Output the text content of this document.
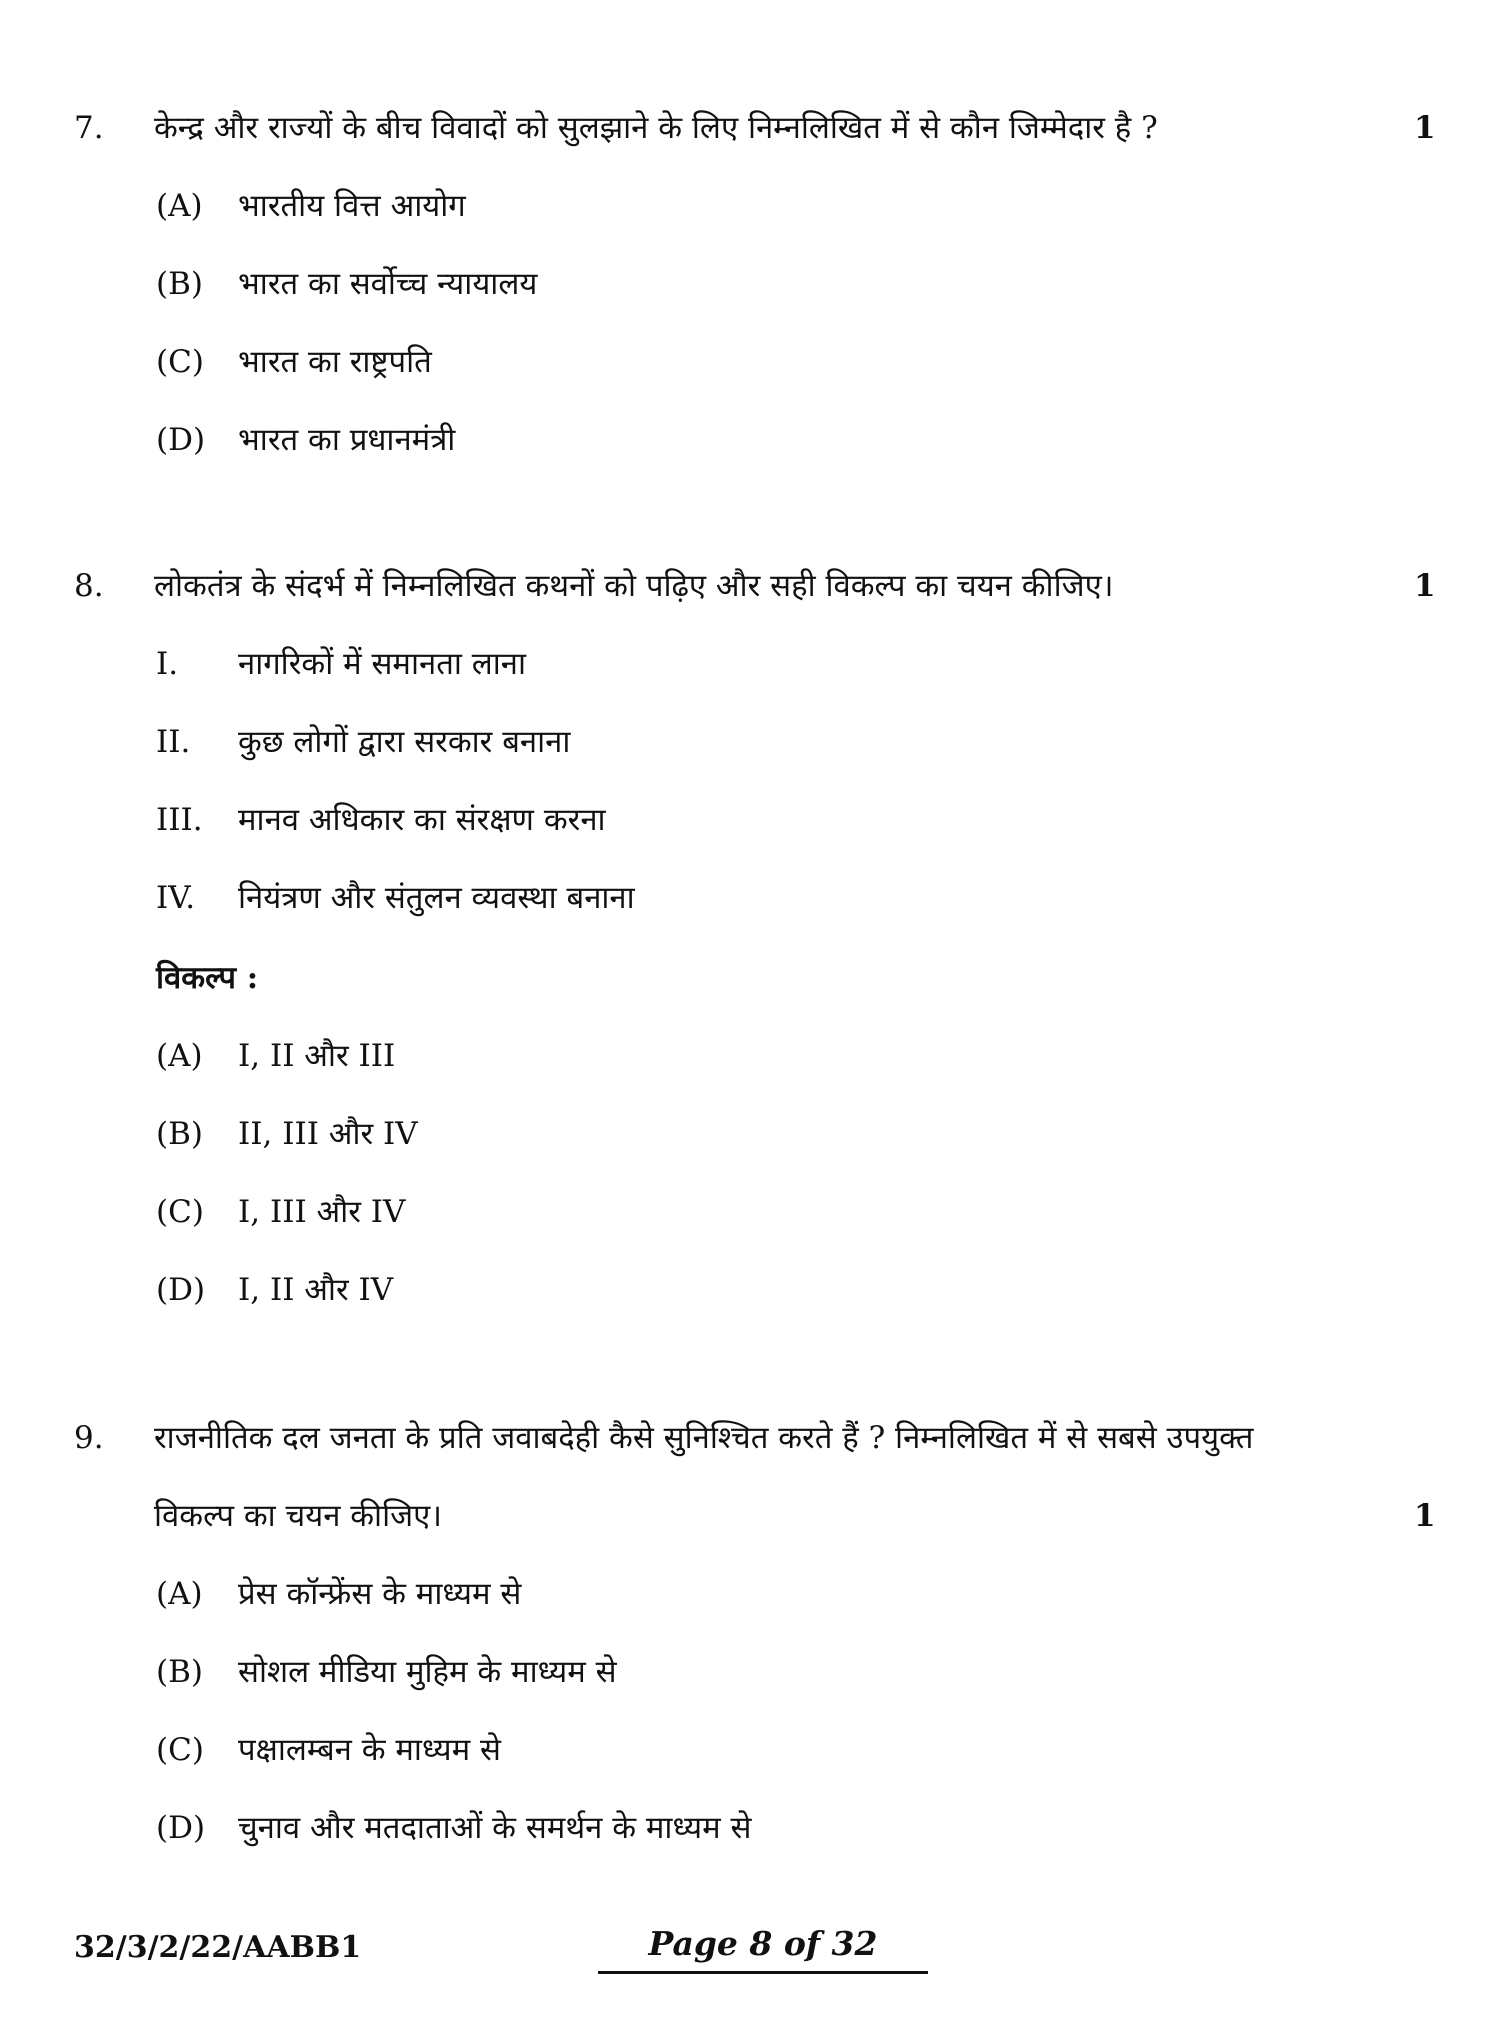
7. केन्द्र और राज्यों के बीच विवादों को सुलझाने के लिए निम्नलिखित में से कौन जिम्मेदार है ?	1
(A) भारतीय वित्त आयोग
(B) भारत का सर्वोच्च न्यायालय
(C) भारत का राष्ट्रपति
(D) भारत का प्रधानमंत्री
8. लोकतंत्र के संदर्भ में निम्नलिखित कथनों को पढ़िए और सही विकल्प का चयन कीजिए।	1
I. नागरिकों में समानता लाना
II. कुछ लोगों द्वारा सरकार बनाना
III. मानव अधिकार का संरक्षण करना
IV. नियंत्रण और संतुलन व्यवस्था बनाना
विकल्प :
(A) I, II और III
(B) II, III और IV
(C) I, III और IV
(D) I, II और IV
9. राजनीतिक दल जनता के प्रति जवाबदेही कैसे सुनिश्चित करते हैं ? निम्नलिखित में से सबसे उपयुक्त
विकल्प का चयन कीजिए।	1
(A) प्रेस कॉन्फ्रेंस के माध्यम से
(B) सोशल मीडिया मुहिम के माध्यम से
(C) पक्षालम्बन के माध्यम से
(D) चुनाव और मतदाताओं के समर्थन के माध्यम से
32/3/2/22/AABB1	Page 8 of 32
